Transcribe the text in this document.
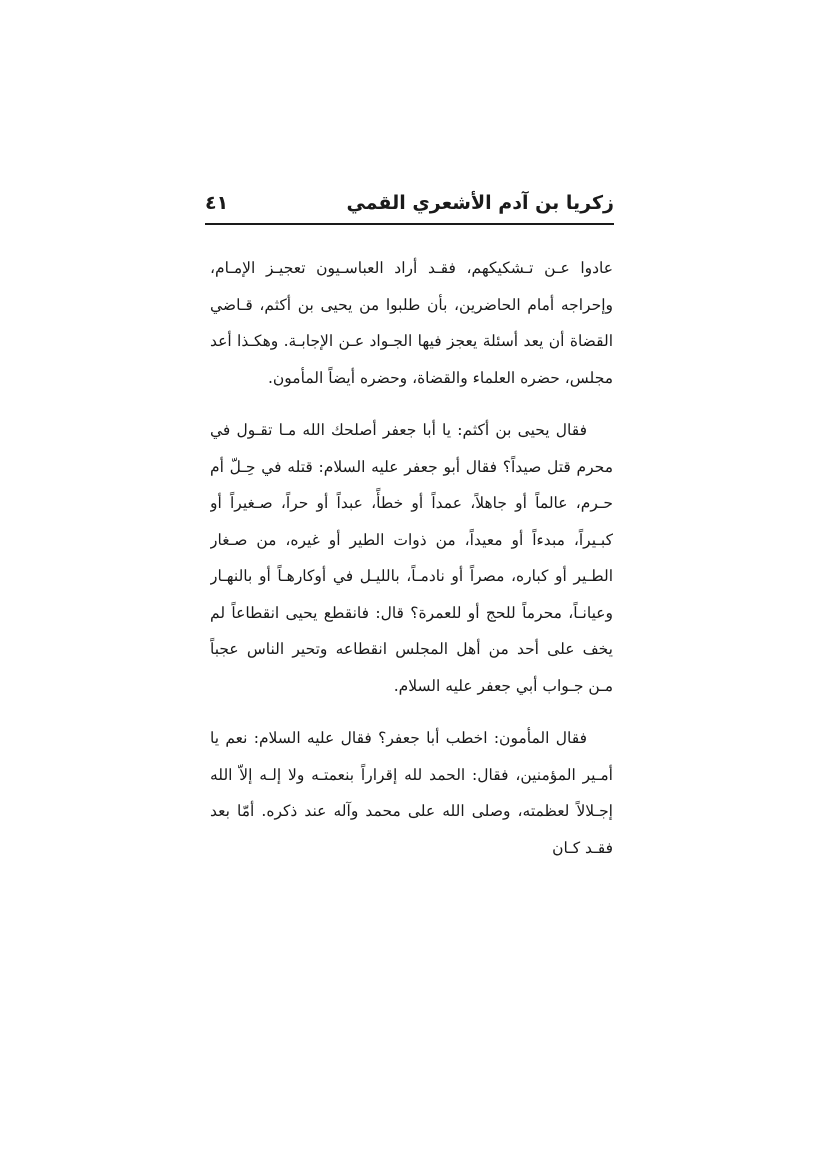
زكريا بن آدم الأشعري القمي
٤١

عادوا عـن تـشكيكهم، فقـد أراد العباسـيون تعجيـز الإمـام، وإحراجه أمام الحاضرين، بأن طلبوا من يحيى بن أكثم، قـاضي القضاة أن يعد أسئلة يعجز فيها الجـواد عـن الإجابـة. وهكـذا أعد مجلس، حضره العلماء والقضاة، وحضره أيضاً المأمون.

فقال يحيى بن أكثم: يا أبا جعفر أصلحك الله مـا تقـول في محرم قتل صيداً؟ فقال أبو جعفر عليه السلام: قتله في حِـلّ أم حـرم، عالماً أو جاهلاً، عمداً أو خطأً، عبداً أو حراً، صـغيراً أو كبـيراً، مبدءاً أو معيداً، من ذوات الطير أو غيره، من صـغار الطـير أو كباره، مصراً أو نادمـاً، بالليـل في أوكارهـاً أو بالنهـار وعيانـاً، محرماً للحج أو للعمرة؟ قال: فانقطع يحيى انقطاعاً لم يخف على أحد من أهل المجلس انقطاعه وتحير الناس عجباً مـن جـواب أبي جعفر عليه السلام.

فقال المأمون: اخطب أبا جعفر؟ فقال عليه السلام: نعم يا أمـير المؤمنين، فقال: الحمد لله إقراراً بنعمتـه ولا إلـه إلاّ الله إجـلالاً لعظمته، وصلى الله على محمد وآله عند ذكره. أمّا بعد فقـد كـان
